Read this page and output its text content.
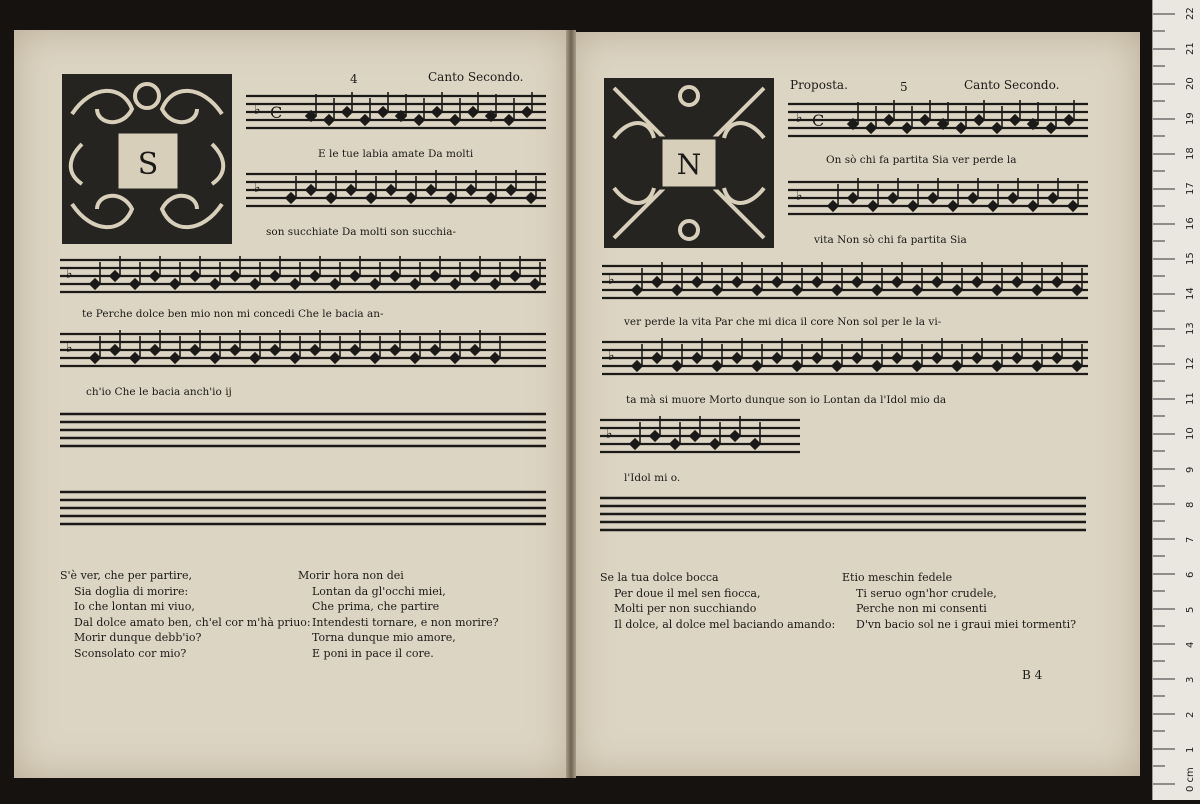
S
4	Canto Secondo.
♭ C
E le tue labia amate Da molti
♭
son succhiate Da molti son succhia-
♭
te Perche dolce ben mio non mi concedi Che le bacia an-
♭
ch'io Che le bacia anch'io ij
S'è ver, che per partire,
Sia doglia di morire:
Io che lontan mi viuo,
Dal dolce amato ben, ch'el cor m'hà priuo:
Morir dunque debb'io?
Sconsolato cor mio?
Morir hora non dei
Lontan da gl'occhi miei,
Che prima, che partire
Intendesti tornare, e non morire?
Torna dunque mio amore,
E poni in pace il core.
N
Proposta.	5	Canto Secondo.
♭ C
On sò chi fa partita Sia ver perde la
♭
vita Non sò chi fa partita Sia
♭
ver perde la vita Par che mi dica il core Non sol per le la vi-
♭
ta mà si muore Morto dunque son io Lontan da l'Idol mio da
♭
l'Idol mi o.
Se la tua dolce bocca
Per doue il mel sen fiocca,
Molti per non succhiando
Il dolce, al dolce mel baciando amando:
Etio meschin fedele
Ti seruo ogn'hor crudele,
Perche non mi consenti
D'vn bacio sol ne i graui miei tormenti?
B 4
0 cm
1
2
3
4
5
6
7
8
9
10
11
12
13
14
15
16
17
18
19
20
21
22
